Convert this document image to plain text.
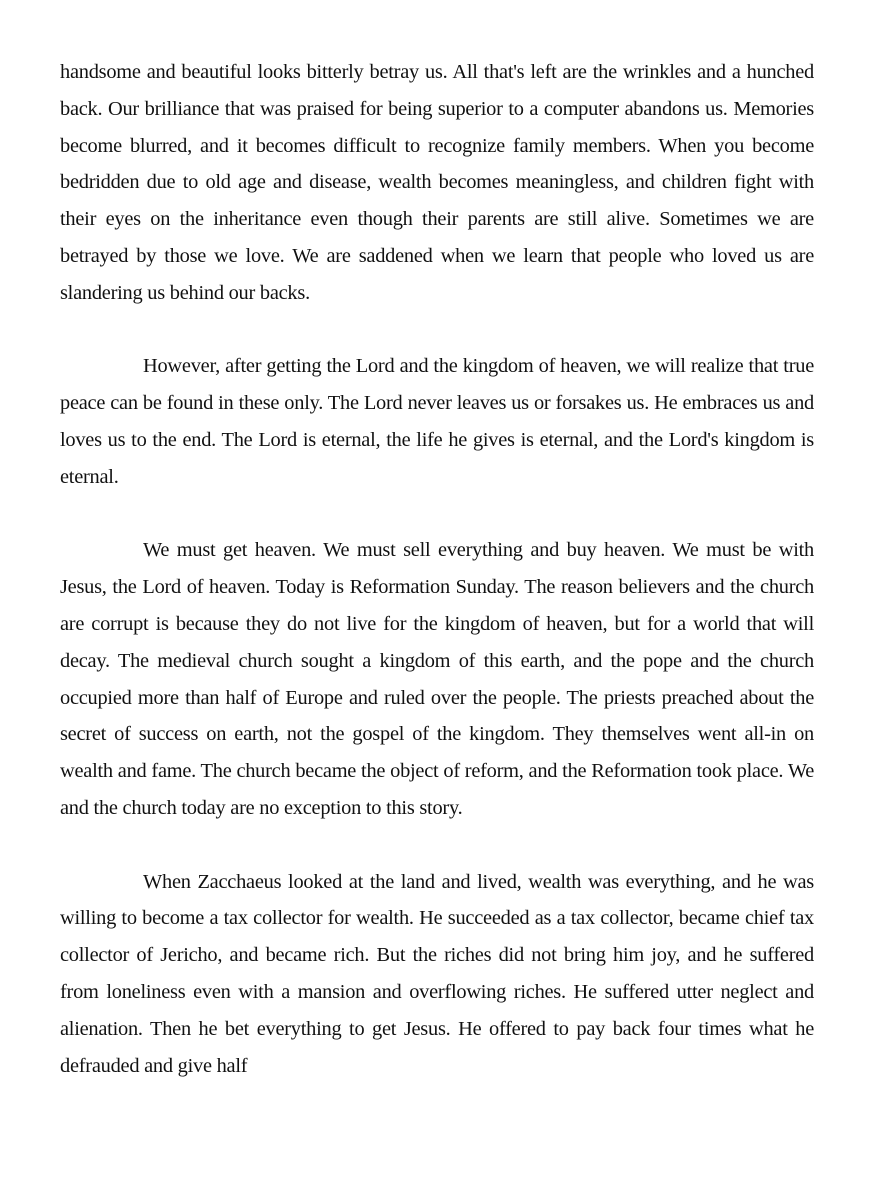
handsome and beautiful looks bitterly betray us. All that's left are the wrinkles and a hunched back. Our brilliance that was praised for being superior to a computer abandons us. Memories become blurred, and it becomes difficult to recognize family members. When you become bedridden due to old age and disease, wealth becomes meaningless, and children fight with their eyes on the inheritance even though their parents are still alive. Sometimes we are betrayed by those we love. We are saddened when we learn that people who loved us are slandering us behind our backs.

However, after getting the Lord and the kingdom of heaven, we will realize that true peace can be found in these only. The Lord never leaves us or forsakes us. He embraces us and loves us to the end. The Lord is eternal, the life he gives is eternal, and the Lord's kingdom is eternal.

We must get heaven. We must sell everything and buy heaven. We must be with Jesus, the Lord of heaven. Today is Reformation Sunday. The reason believers and the church are corrupt is because they do not live for the kingdom of heaven, but for a world that will decay. The medieval church sought a kingdom of this earth, and the pope and the church occupied more than half of Europe and ruled over the people. The priests preached about the secret of success on earth, not the gospel of the kingdom. They themselves went all-in on wealth and fame. The church became the object of reform, and the Reformation took place. We and the church today are no exception to this story.

When Zacchaeus looked at the land and lived, wealth was everything, and he was willing to become a tax collector for wealth. He succeeded as a tax collector, became chief tax collector of Jericho, and became rich. But the riches did not bring him joy, and he suffered from loneliness even with a mansion and overflowing riches. He suffered utter neglect and alienation. Then he bet everything to get Jesus. He offered to pay back four times what he defrauded and give half
